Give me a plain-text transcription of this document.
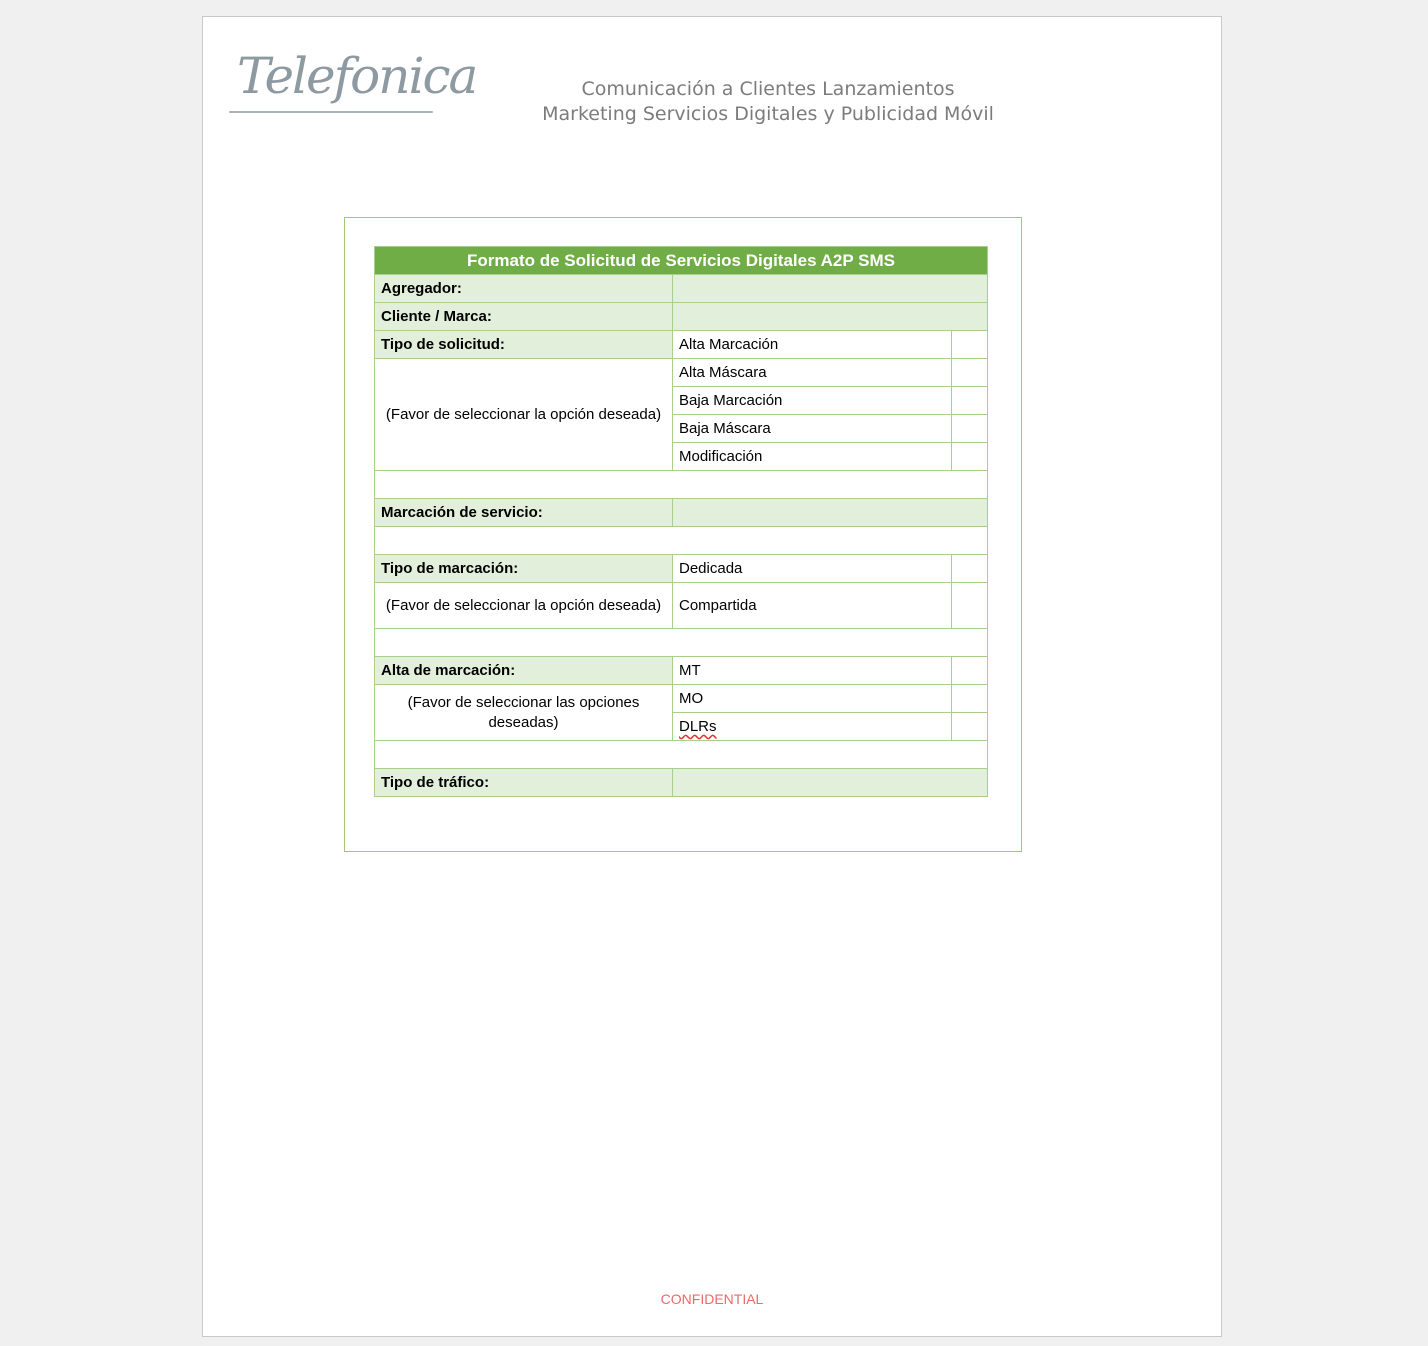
Telefonica	Comunicación a Clientes Lanzamientos
Marketing Servicios Digitales y Publicidad Móvil
Formato de Solicitud de Servicios Digitales A2P SMS		
Agregador:		
Cliente / Marca:		
Tipo de solicitud:	Alta Marcación	
(Favor de seleccionar la opción deseada)	Alta Máscara	
	Baja Marcación	
	Baja Máscara	
	Modificación	

Marcación de servicio:		

Tipo de marcación:	Dedicada	
(Favor de seleccionar la opción deseada)	Compartida	

Alta de marcación:	MT	
(Favor de seleccionar las opciones deseadas)	MO	
	DLRs	

Tipo de tráfico:		
CONFIDENTIAL
